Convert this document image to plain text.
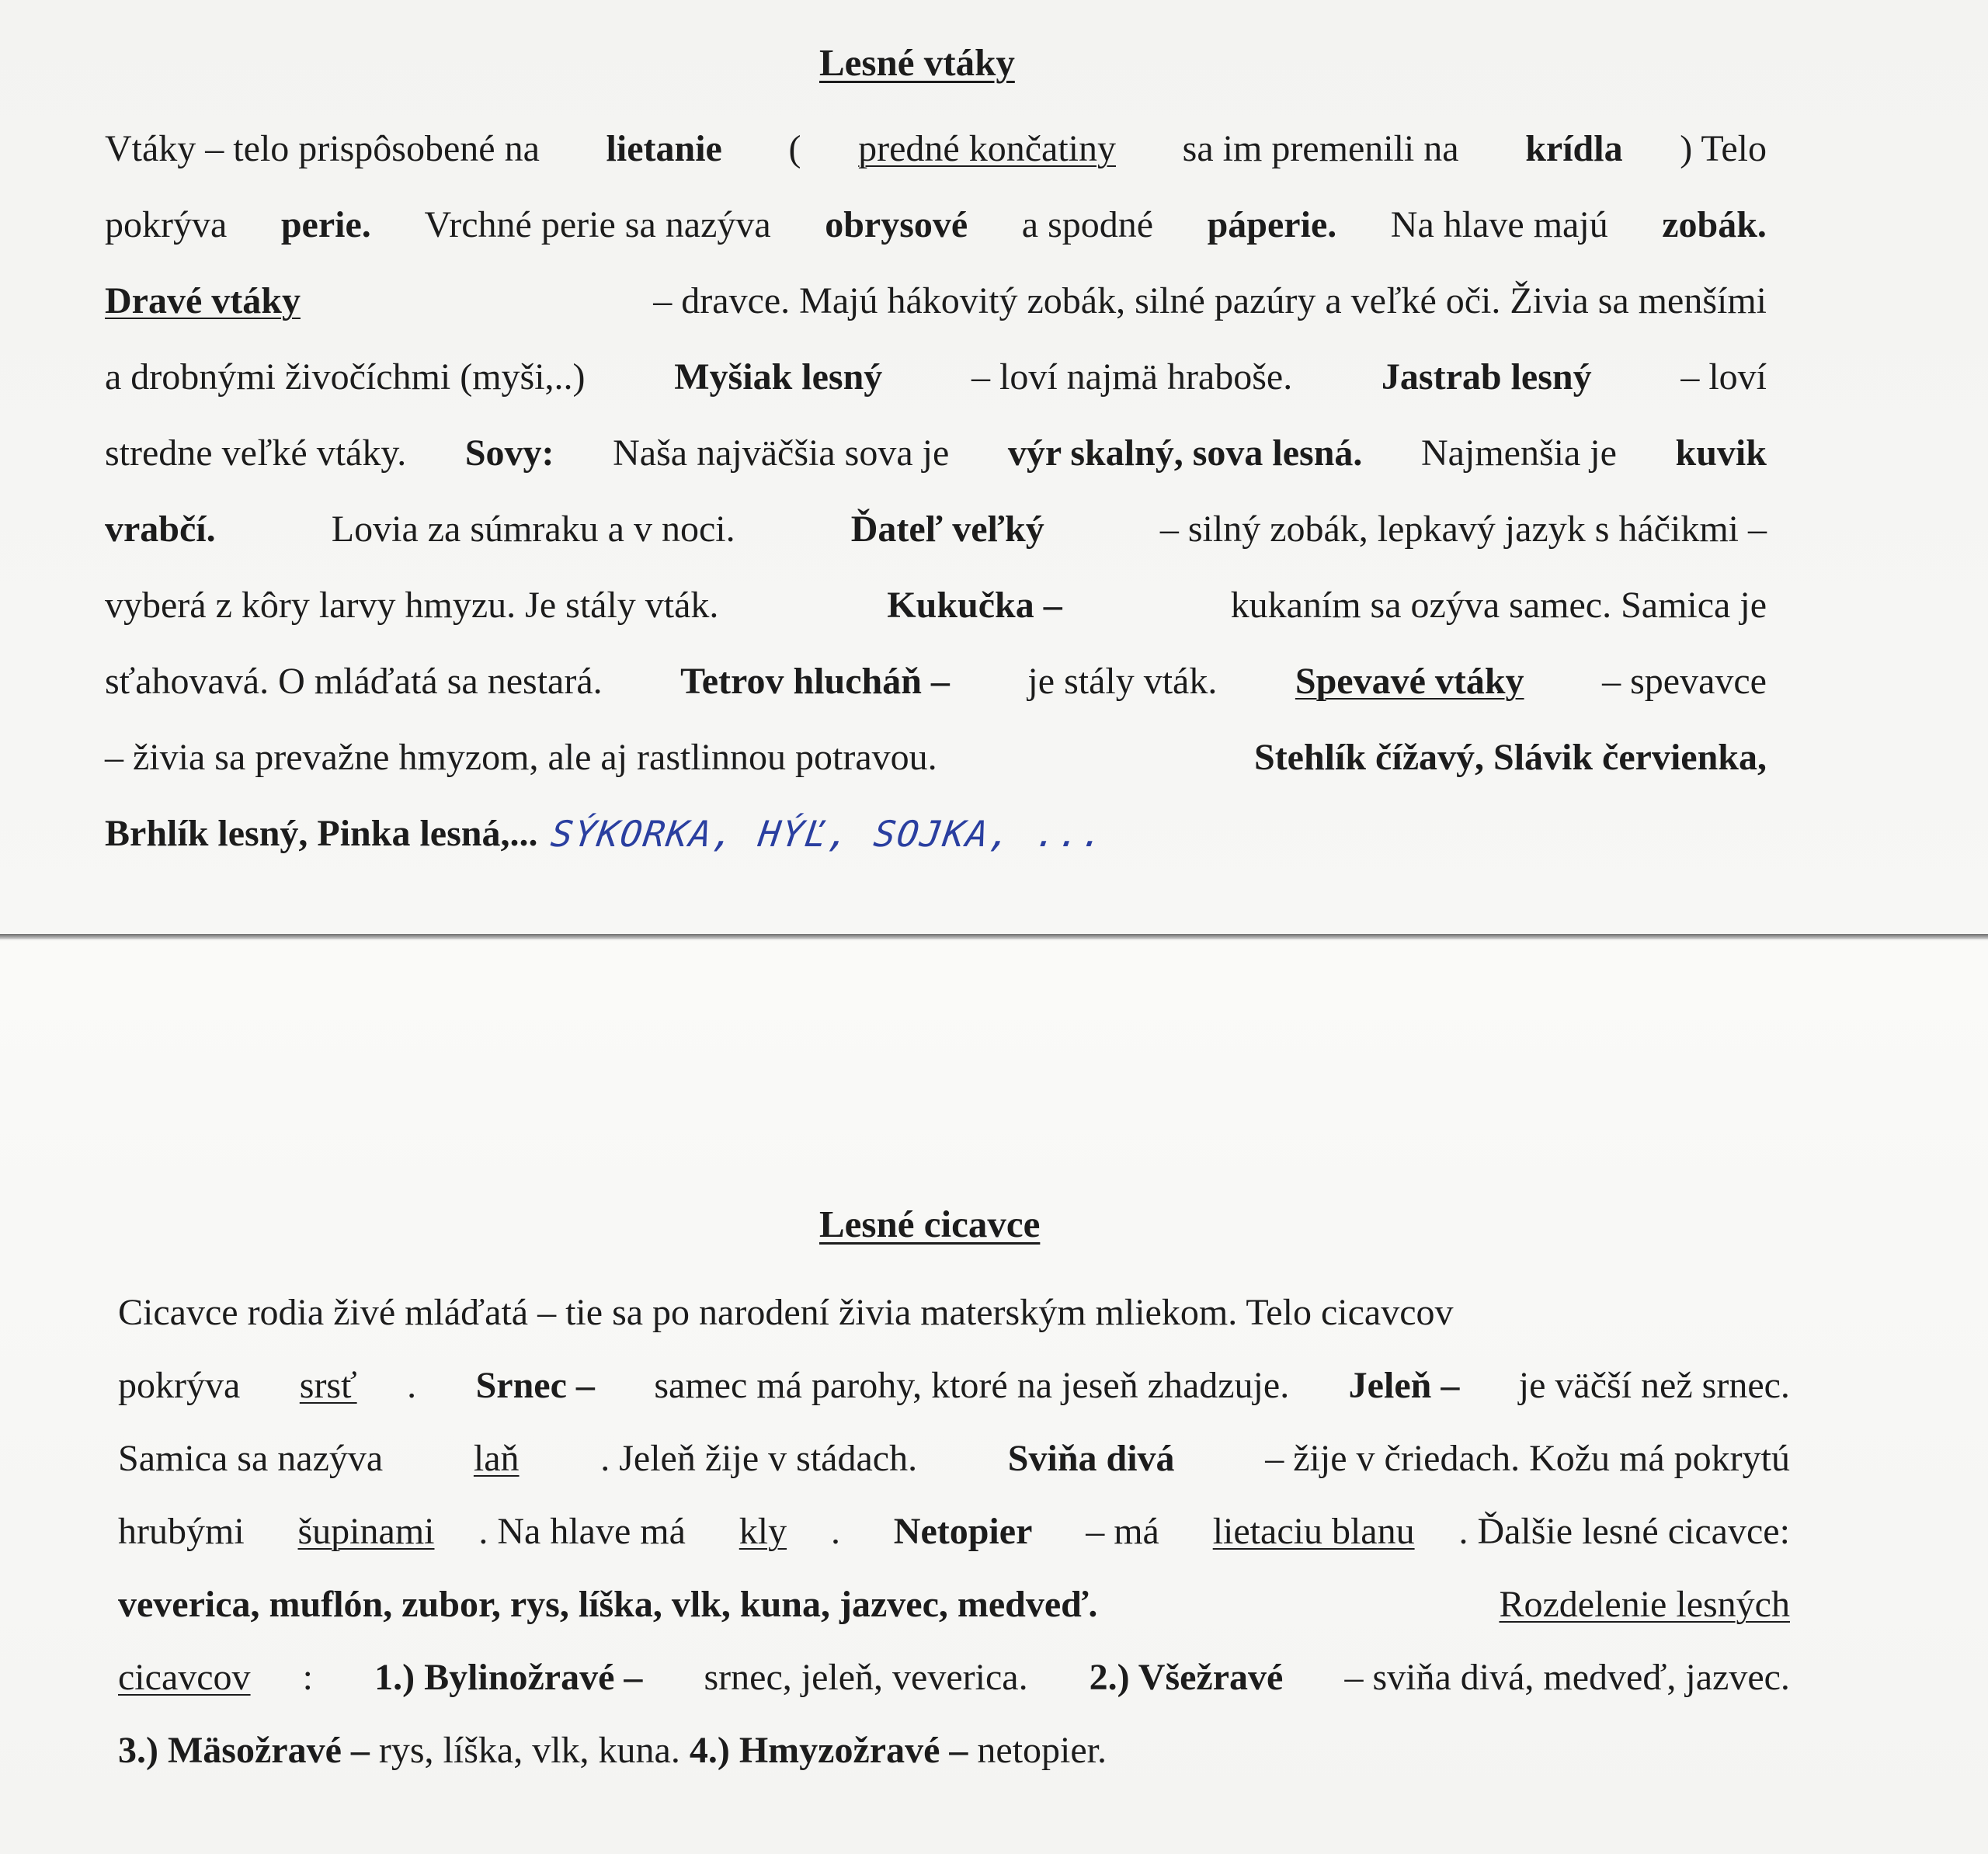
Lesné vtáky
Vtáky – telo prispôsobené na lietanie ( predné končatiny sa im premenili na krídla ) Telo
pokrýva perie. Vrchné perie sa nazýva obrysové a spodné páperie. Na hlave majú zobák.
Dravé vtáky	– dravce. Majú hákovitý zobák, silné pazúry a veľké oči. Živia sa menšími
a drobnými živočíchmi (myši,..) Myšiak lesný – loví najmä hraboše. Jastrab lesný – loví
stredne veľké vtáky. Sovy: Naša najväčšia sova je výr skalný, sova lesná. Najmenšia je kuvik
vrabčí.	Lovia za súmraku a v noci.	Ďateľ veľký	– silný zobák, lepkavý jazyk s háčikmi –
vyberá z kôry larvy hmyzu. Je stály vták.	Kukučka –	kukaním sa ozýva samec. Samica je
sťahovavá. O mláďatá sa nestará. Tetrov hlucháň – je stály vták. Spevavé vtáky – spevavce
– živia sa prevažne hmyzom, ale aj rastlinnou potravou.	Stehlík čížavý, Slávik červienka,
Brhlík lesný, Pinka lesná,... SÝKORKA, HÝĽ, SOJKA, ...
Lesné cicavce
Cicavce rodia živé mláďatá – tie sa po narodení živia materským mliekom. Telo cicavcov
pokrýva srsť . Srnec – samec má parohy, ktoré na jeseň zhadzuje. Jeleň – je väčší než srnec.
Samica sa nazýva laň . Jeleň žije v stádach. Sviňa divá – žije v čriedach. Kožu má pokrytú
hrubými šupinami . Na hlave má kly . Netopier – má lietaciu blanu . Ďalšie lesné cicavce:
veverica, muflón, zubor, rys, líška, vlk, kuna, jazvec, medveď.
	Rozdelenie lesných
cicavcov : 1.) Bylinožravé – srnec, jeleň, veverica. 2.) Všežravé – sviňa divá, medveď, jazvec.
3.) Mäsožravé – rys, líška, vlk, kuna. 4.) Hmyzožravé – netopier.
